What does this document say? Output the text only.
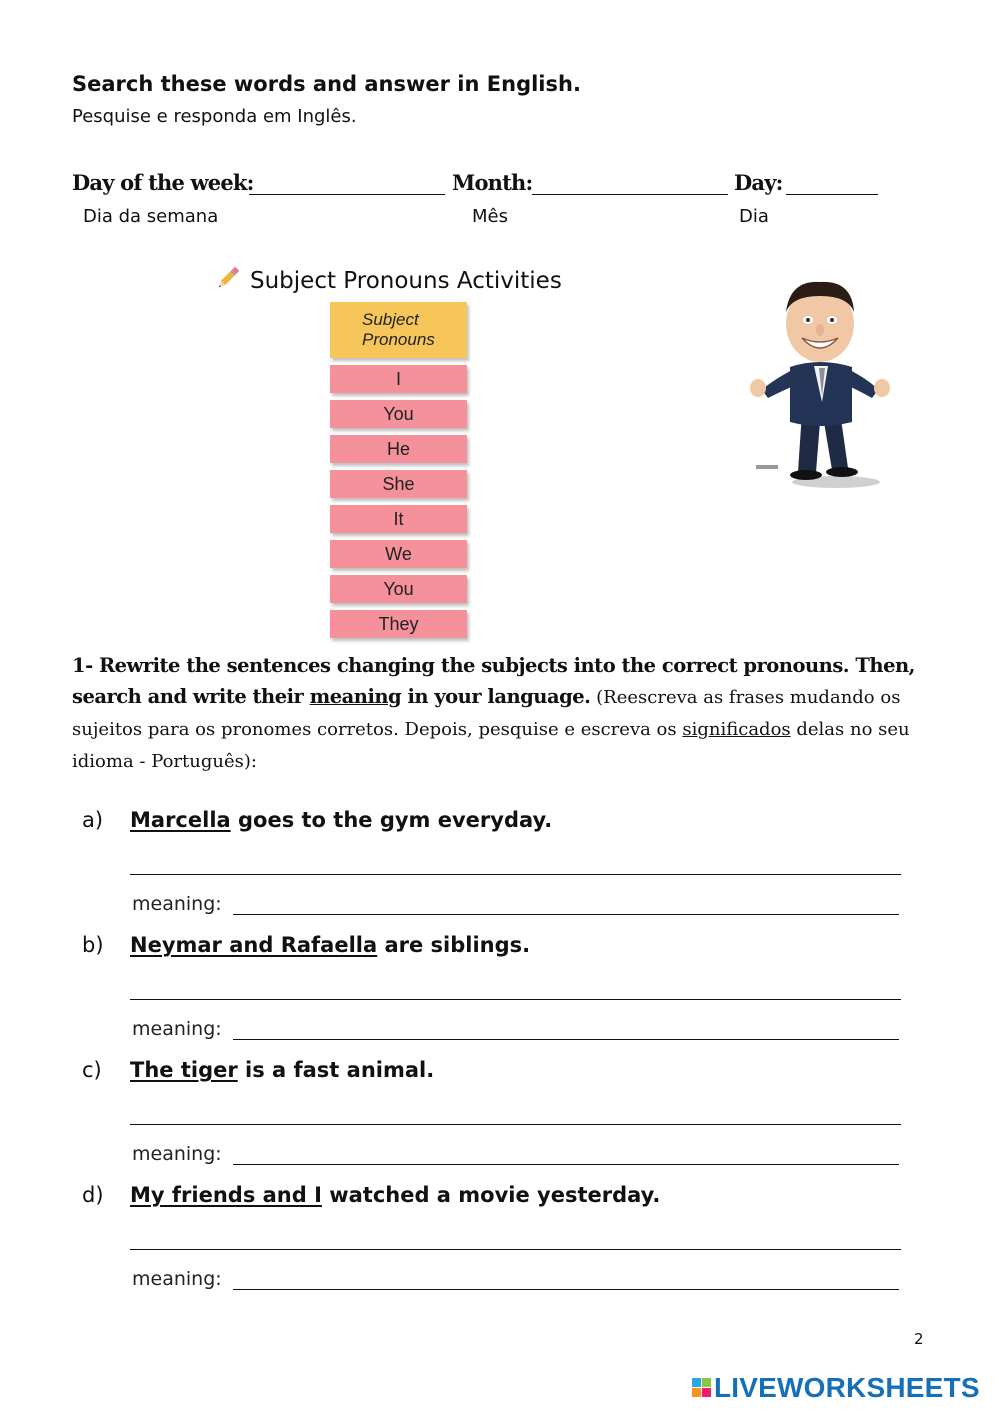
Search these words and answer in English.
Pesquise e responda em Inglês.
Day of the week:	Month:	Day:
Dia da semana	Mês	Dia
Subject Pronouns Activities
Subject
Pronouns
I
You
He
She
It
We
You
They
1- Rewrite the sentences changing the subjects into the correct pronouns. Then, search and write their meaning in your language. (Reescreva as frases mudando os sujeitos para os pronomes corretos. Depois, pesquise e escreva os significados delas no seu idioma - Português):
a) Marcella goes to the gym everyday.
meaning:
b) Neymar and Rafaella are siblings.
meaning:
c) The tiger is a fast animal.
meaning:
d) My friends and I watched a movie yesterday.
meaning:
2
LIVEWORKSHEETS
